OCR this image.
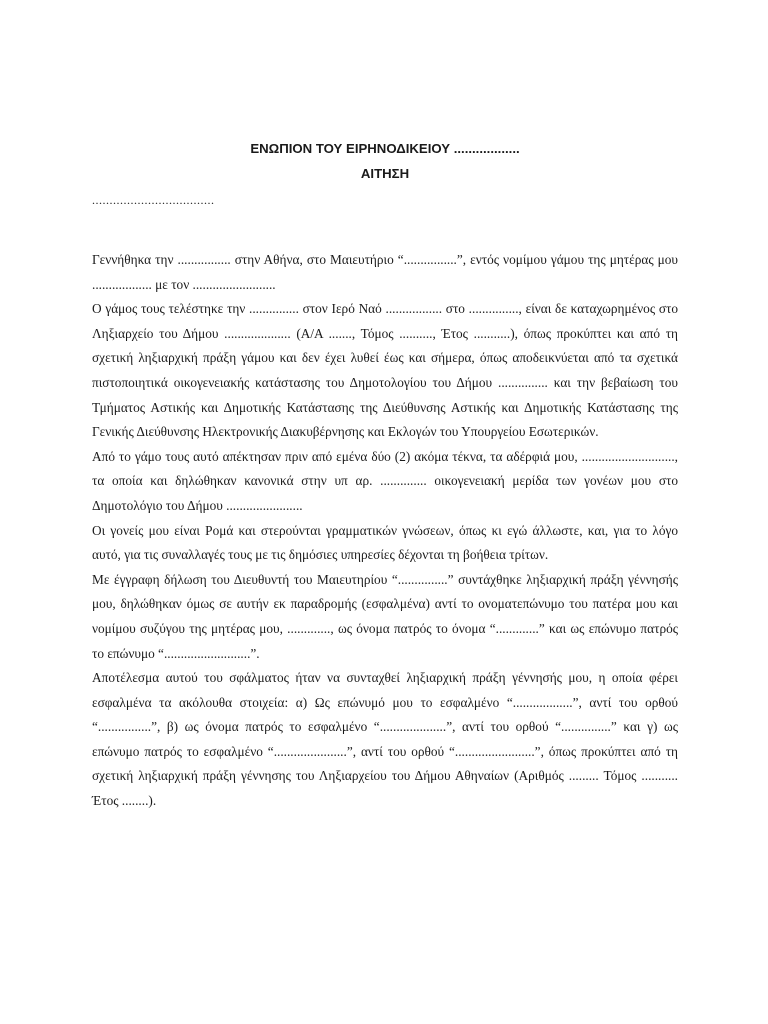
ΕΝΩΠΙΟΝ ΤΟΥ ΕΙΡΗΝΟΔΙΚΕΙΟΥ ..................

ΑΙΤΗΣΗ

...................................

Γεννήθηκα την ................ στην Αθήνα, στο Μαιευτήριο “................”, εντός νομίμου γάμου της μητέρας μου .................. με τον .........................

Ο γάμος τους τελέστηκε την ............... στον Ιερό Ναό ................. στο ..............., είναι δε καταχωρημένος στο Ληξιαρχείο του Δήμου .................... (Α/Α ......., Τόμος .........., Έτος ...........), όπως προκύπτει και από τη σχετική ληξιαρχική πράξη γάμου και δεν έχει λυθεί έως και σήμερα, όπως αποδεικνύεται από τα σχετικά πιστοποιητικά οικογενειακής κατάστασης του Δημοτολογίου του Δήμου ............... και την βεβαίωση του Τμήματος Αστικής και Δημοτικής Κατάστασης της Διεύθυνσης Αστικής και Δημοτικής Κατάστασης της Γενικής Διεύθυνσης Ηλεκτρονικής Διακυβέρνησης και Εκλογών του Υπουργείου Εσωτερικών.

Από το γάμο τους αυτό απέκτησαν πριν από εμένα δύο (2) ακόμα τέκνα, τα αδέρφιά μου, ............................, τα οποία και δηλώθηκαν κανονικά στην υπ αρ. .............. οικογενειακή μερίδα των γονέων μου στο Δημοτολόγιο του Δήμου .......................

Οι γονείς μου είναι Ρομά και στερούνται γραμματικών γνώσεων, όπως κι εγώ άλλωστε, και, για το λόγο αυτό, για τις συναλλαγές τους με τις δημόσιες υπηρεσίες δέχονται τη βοήθεια τρίτων.

Με έγγραφη δήλωση του Διευθυντή του Μαιευτηρίου “...............” συντάχθηκε ληξιαρχική πράξη γέννησής μου, δηλώθηκαν όμως σε αυτήν εκ παραδρομής (εσφαλμένα) αντί το ονοματεπώνυμο του πατέρα μου και νομίμου συζύγου της μητέρας μου, ............., ως όνομα πατρός το όνομα “.............” και ως επώνυμο πατρός το επώνυμο “..........................”.

Αποτέλεσμα αυτού του σφάλματος ήταν να συνταχθεί ληξιαρχική πράξη γέννησής μου, η οποία φέρει εσφαλμένα τα ακόλουθα στοιχεία: α) Ως επώνυμό μου το εσφαλμένο “..................”, αντί του ορθού “................”, β) ως όνομα πατρός το εσφαλμένο “....................”, αντί του ορθού “...............” και γ) ως επώνυμο πατρός το εσφαλμένο “......................”, αντί του ορθού “........................”, όπως προκύπτει από τη σχετική ληξιαρχική πράξη γέννησης του Ληξιαρχείου του Δήμου Αθηναίων (Αριθμός ......... Τόμος ........... Έτος ........).
